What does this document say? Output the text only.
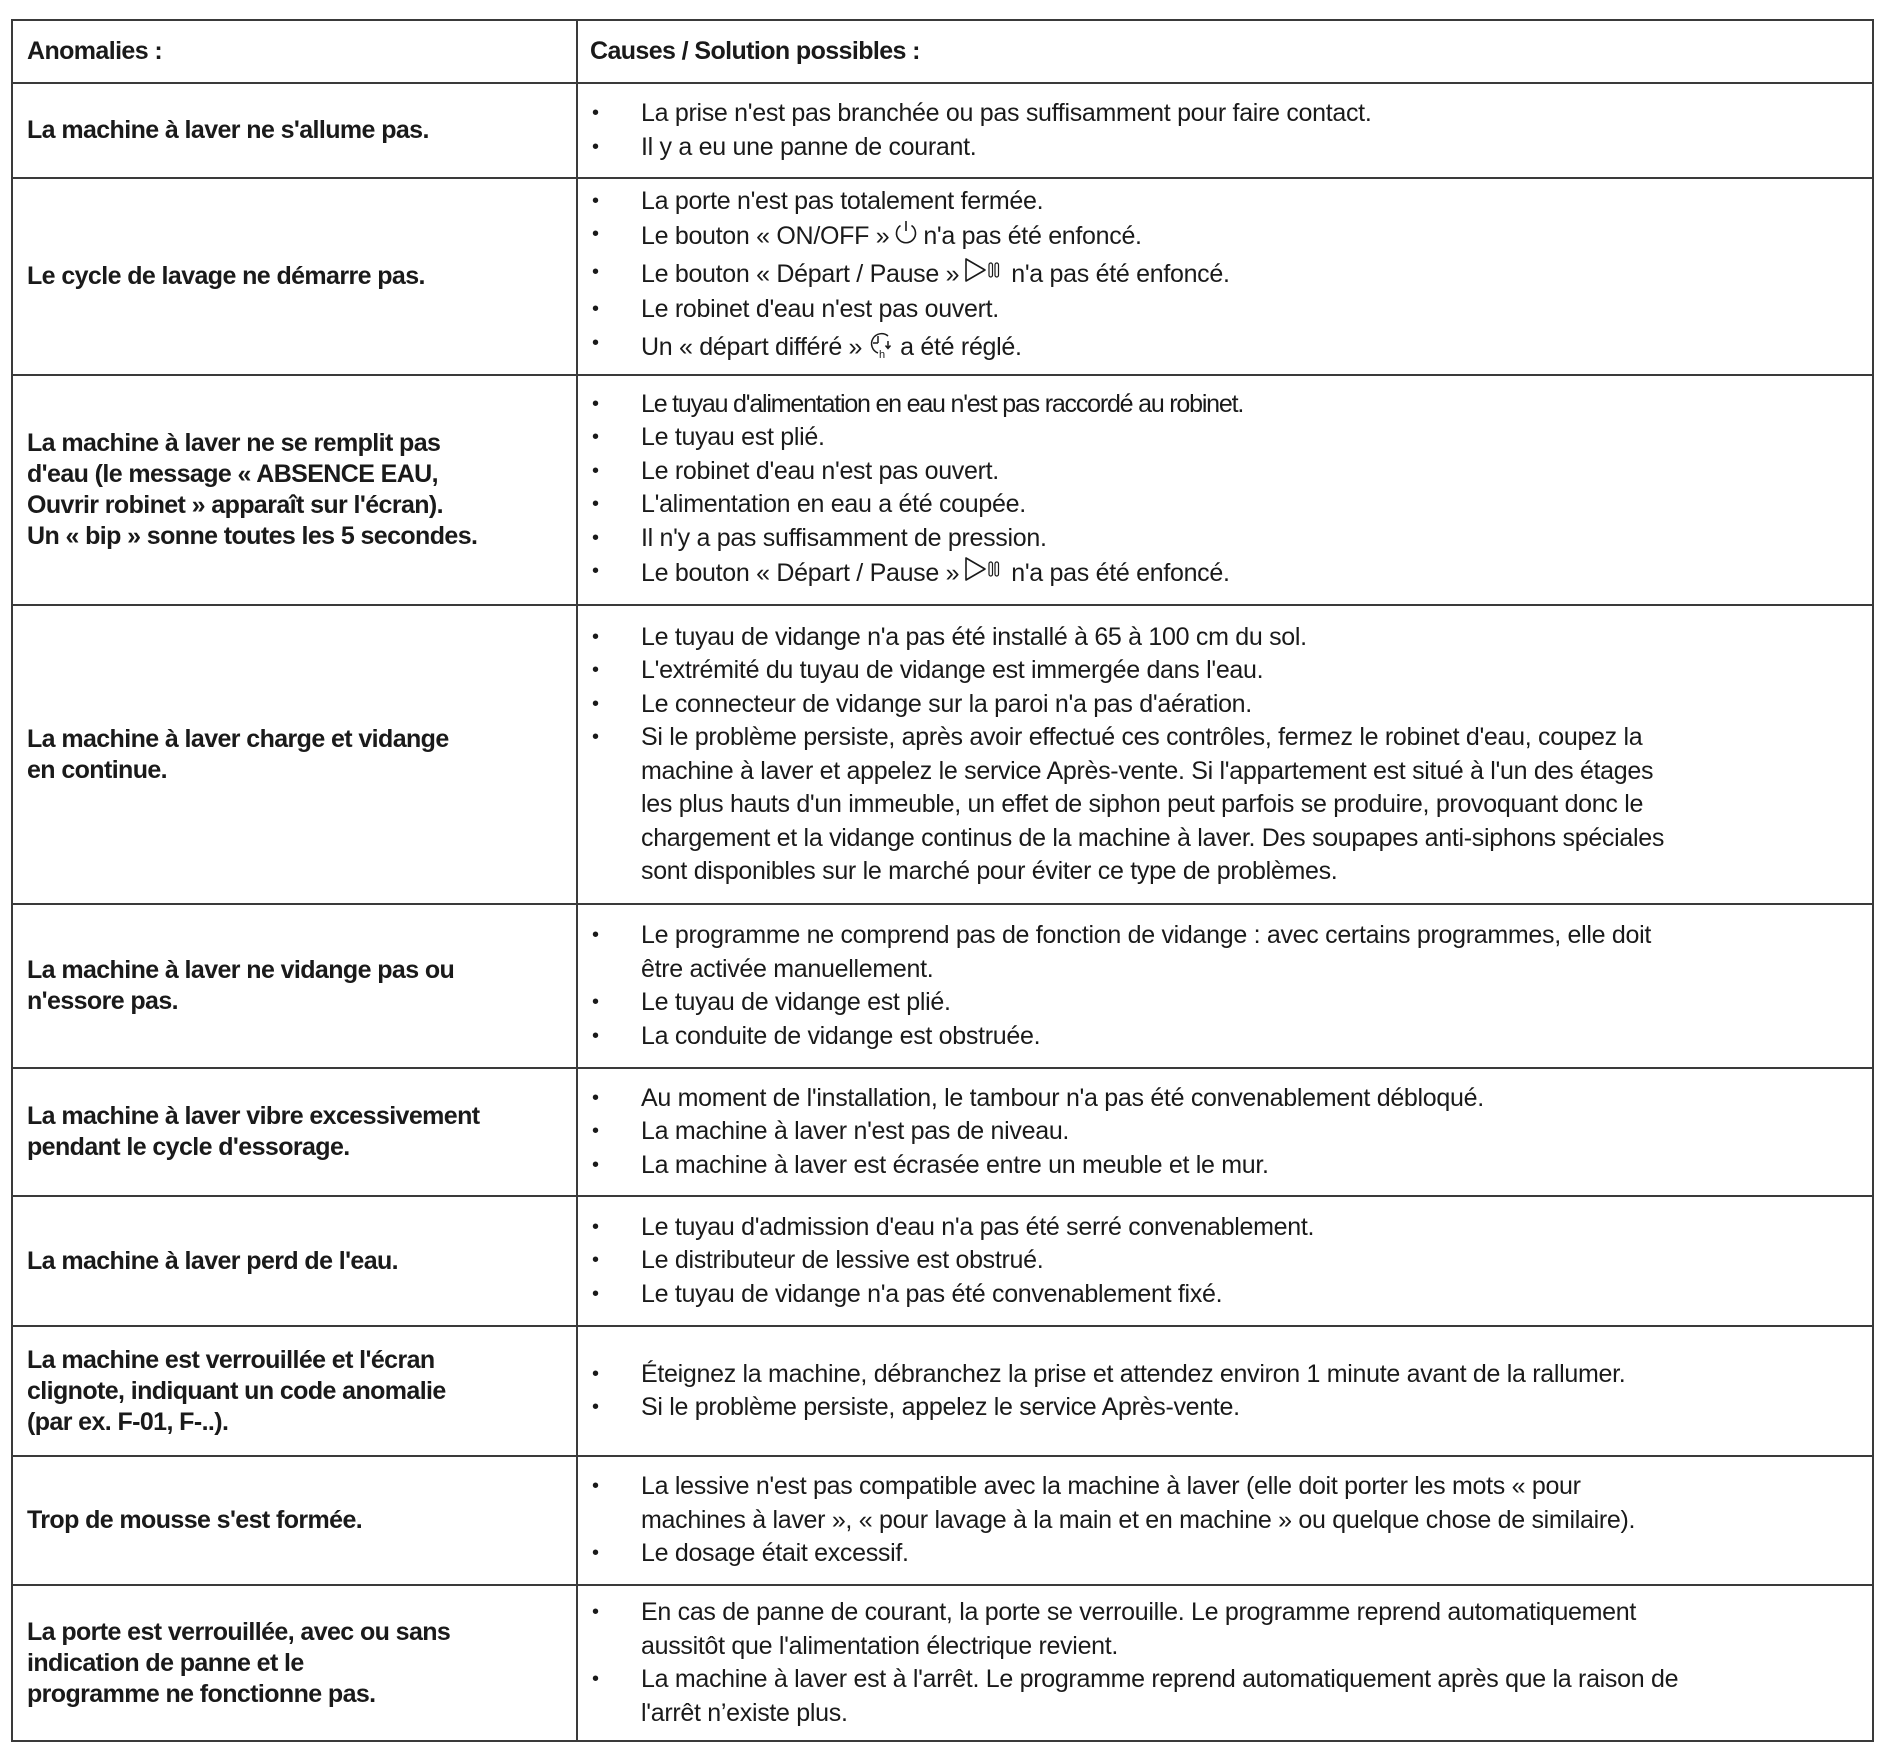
Anomalies :	Causes / Solution possibles :
La machine à laver ne s'allume pas.
•	La prise n'est pas branchée ou pas suffisamment pour faire contact.
•	Il y a eu une panne de courant.
Le cycle de lavage ne démarre pas.
•	La porte n'est pas totalement fermée.
•	Le bouton « ON/OFF » n'a pas été enfoncé.
•	Le bouton « Départ / Pause » n'a pas été enfoncé.
•	Le robinet d'eau n'est pas ouvert.
•	Un « départ différé » h a été réglé.
La machine à laver ne se remplit pas
d'eau (le message « ABSENCE EAU,
Ouvrir robinet » apparaît sur l'écran).
Un « bip » sonne toutes les 5 secondes.
•	Le tuyau d'alimentation en eau n'est pas raccordé au robinet.
•	Le tuyau est plié.
•	Le robinet d'eau n'est pas ouvert.
•	L'alimentation en eau a été coupée.
•	Il n'y a pas suffisamment de pression.
•	Le bouton « Départ / Pause » n'a pas été enfoncé.
La machine à laver charge et vidange
en continue.
•	Le tuyau de vidange n'a pas été installé à 65 à 100 cm du sol.
•	L'extrémité du tuyau de vidange est immergée dans l'eau.
•	Le connecteur de vidange sur la paroi n'a pas d'aération.
•	Si le problème persiste, après avoir effectué ces contrôles, fermez le robinet d'eau, coupez la
machine à laver et appelez le service Après-vente. Si l'appartement est situé à l'un des étages
les plus hauts d'un immeuble, un effet de siphon peut parfois se produire, provoquant donc le
chargement et la vidange continus de la machine à laver. Des soupapes anti-siphons spéciales
sont disponibles sur le marché pour éviter ce type de problèmes.
La machine à laver ne vidange pas ou
n'essore pas.
•	Le programme ne comprend pas de fonction de vidange : avec certains programmes, elle doit
être activée manuellement.
•	Le tuyau de vidange est plié.
•	La conduite de vidange est obstruée.
La machine à laver vibre excessivement
pendant le cycle d'essorage.
•	Au moment de l'installation, le tambour n'a pas été convenablement débloqué.
•	La machine à laver n'est pas de niveau.
•	La machine à laver est écrasée entre un meuble et le mur.
La machine à laver perd de l'eau.
•	Le tuyau d'admission d'eau n'a pas été serré convenablement.
•	Le distributeur de lessive est obstrué.
•	Le tuyau de vidange n'a pas été convenablement fixé.
La machine est verrouillée et l'écran
clignote, indiquant un code anomalie
(par ex. F-01, F-..).
•	Éteignez la machine, débranchez la prise et attendez environ 1 minute avant de la rallumer.
•	Si le problème persiste, appelez le service Après-vente.
Trop de mousse s'est formée.
•	La lessive n'est pas compatible avec la machine à laver (elle doit porter les mots « pour
machines à laver », « pour lavage à la main et en machine » ou quelque chose de similaire).
•	Le dosage était excessif.
La porte est verrouillée, avec ou sans
indication de panne et le
programme ne fonctionne pas.
•	En cas de panne de courant, la porte se verrouille. Le programme reprend automatiquement
aussitôt que l'alimentation électrique revient.
•	La machine à laver est à l'arrêt. Le programme reprend automatiquement après que la raison de
l'arrêt n’existe plus.
